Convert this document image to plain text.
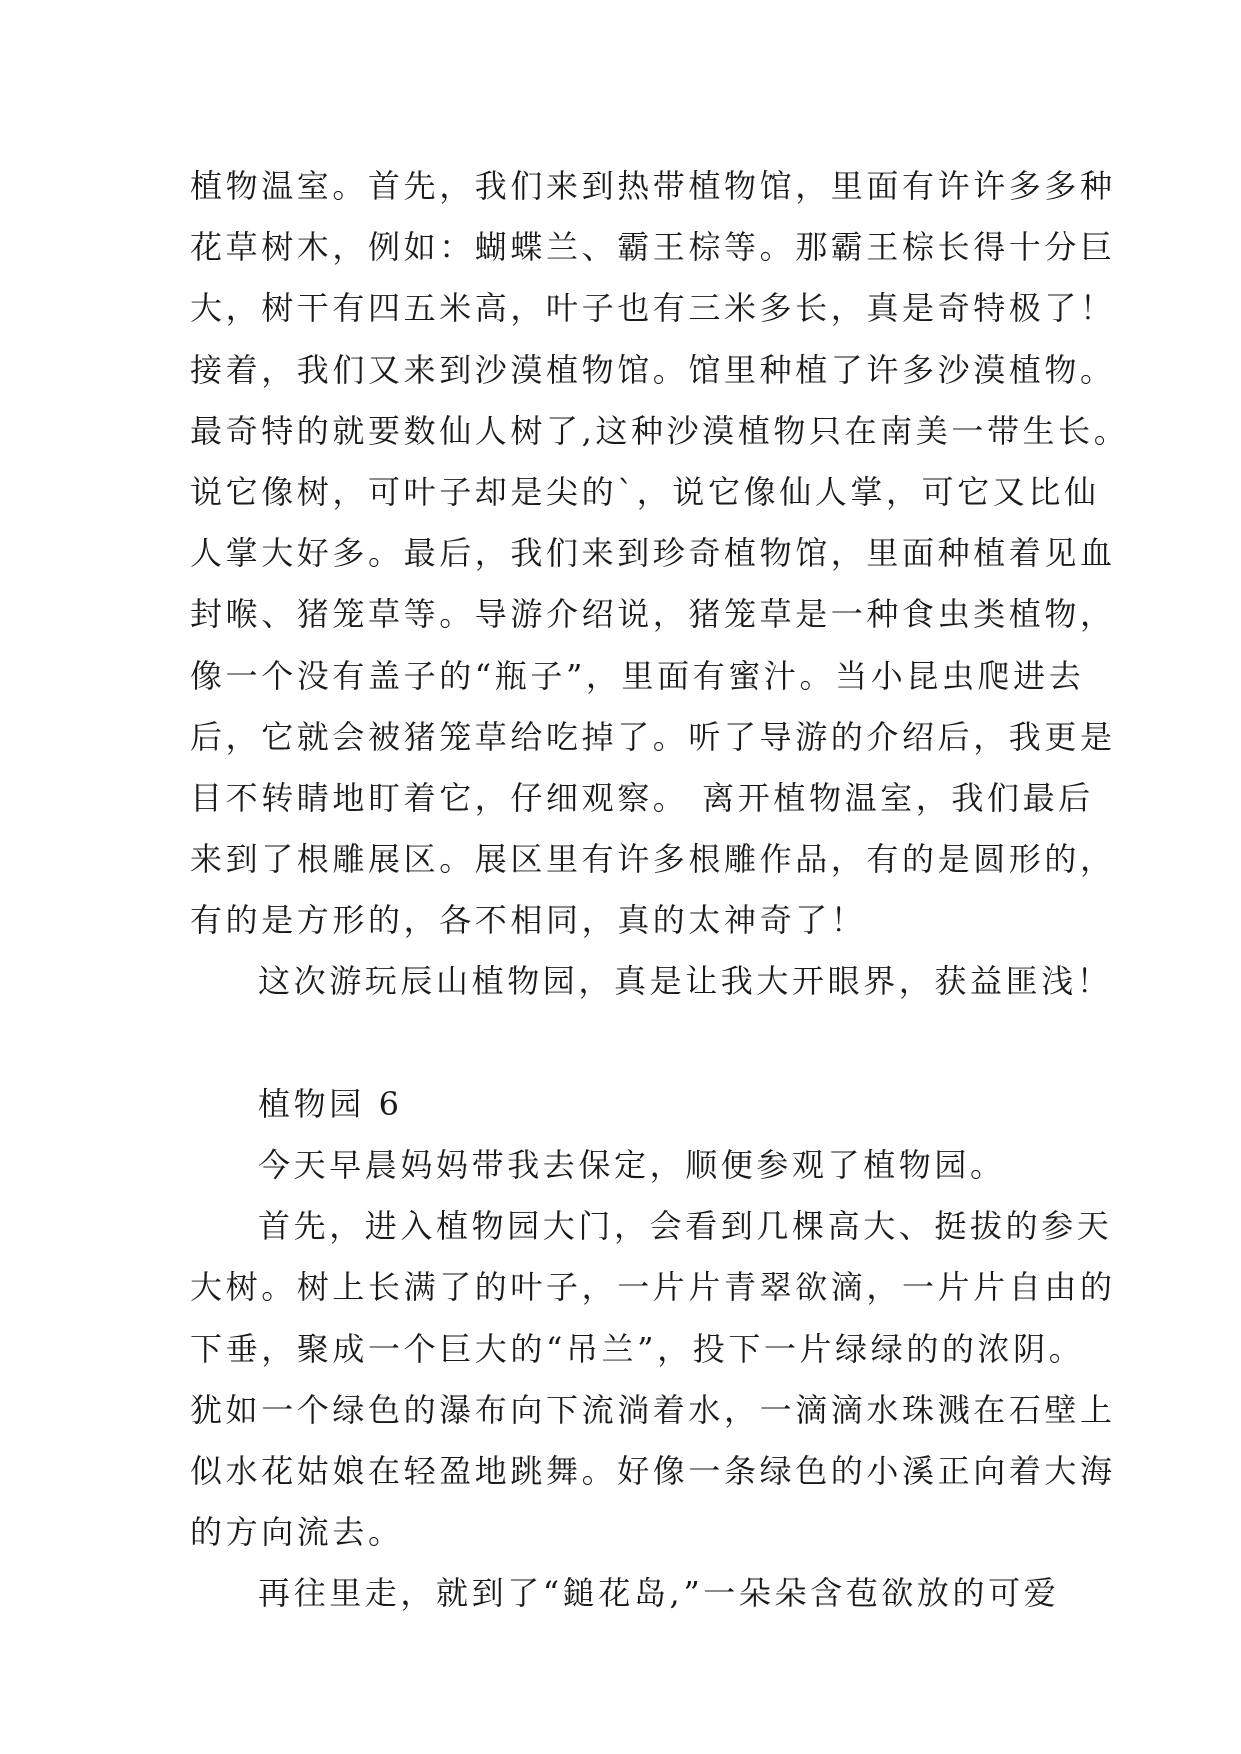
植物温室。首先，我们来到热带植物馆，里面有许许多多种
花草树木，例如：蝴蝶兰、霸王棕等。那霸王棕长得十分巨
大，树干有四五米高，叶子也有三米多长，真是奇特极了！
接着，我们又来到沙漠植物馆。馆里种植了许多沙漠植物。
最奇特的就要数仙人树了,这种沙漠植物只在南美一带生长。
说它像树，可叶子却是尖的`，说它像仙人掌，可它又比仙
人掌大好多。最后，我们来到珍奇植物馆，里面种植着见血
封喉、猪笼草等。导游介绍说，猪笼草是一种食虫类植物，
像一个没有盖子的“瓶子”，里面有蜜汁。当小昆虫爬进去
后，它就会被猪笼草给吃掉了。听了导游的介绍后，我更是
目不转睛地盯着它，仔细观察。 离开植物温室，我们最后
来到了根雕展区。展区里有许多根雕作品，有的是圆形的，
有的是方形的，各不相同，真的太神奇了！
这次游玩辰山植物园，真是让我大开眼界，获益匪浅！
植物园 6
今天早晨妈妈带我去保定，顺便参观了植物园。
首先，进入植物园大门，会看到几棵高大、挺拔的参天
大树。树上长满了的叶子，一片片青翠欲滴，一片片自由的
下垂，聚成一个巨大的“吊兰”，投下一片绿绿的的浓阴。
犹如一个绿色的瀑布向下流淌着水，一滴滴水珠溅在石壁上
似水花姑娘在轻盈地跳舞。好像一条绿色的小溪正向着大海
的方向流去。
再往里走，就到了“鎚花岛,”一朵朵含苞欲放的可爱
